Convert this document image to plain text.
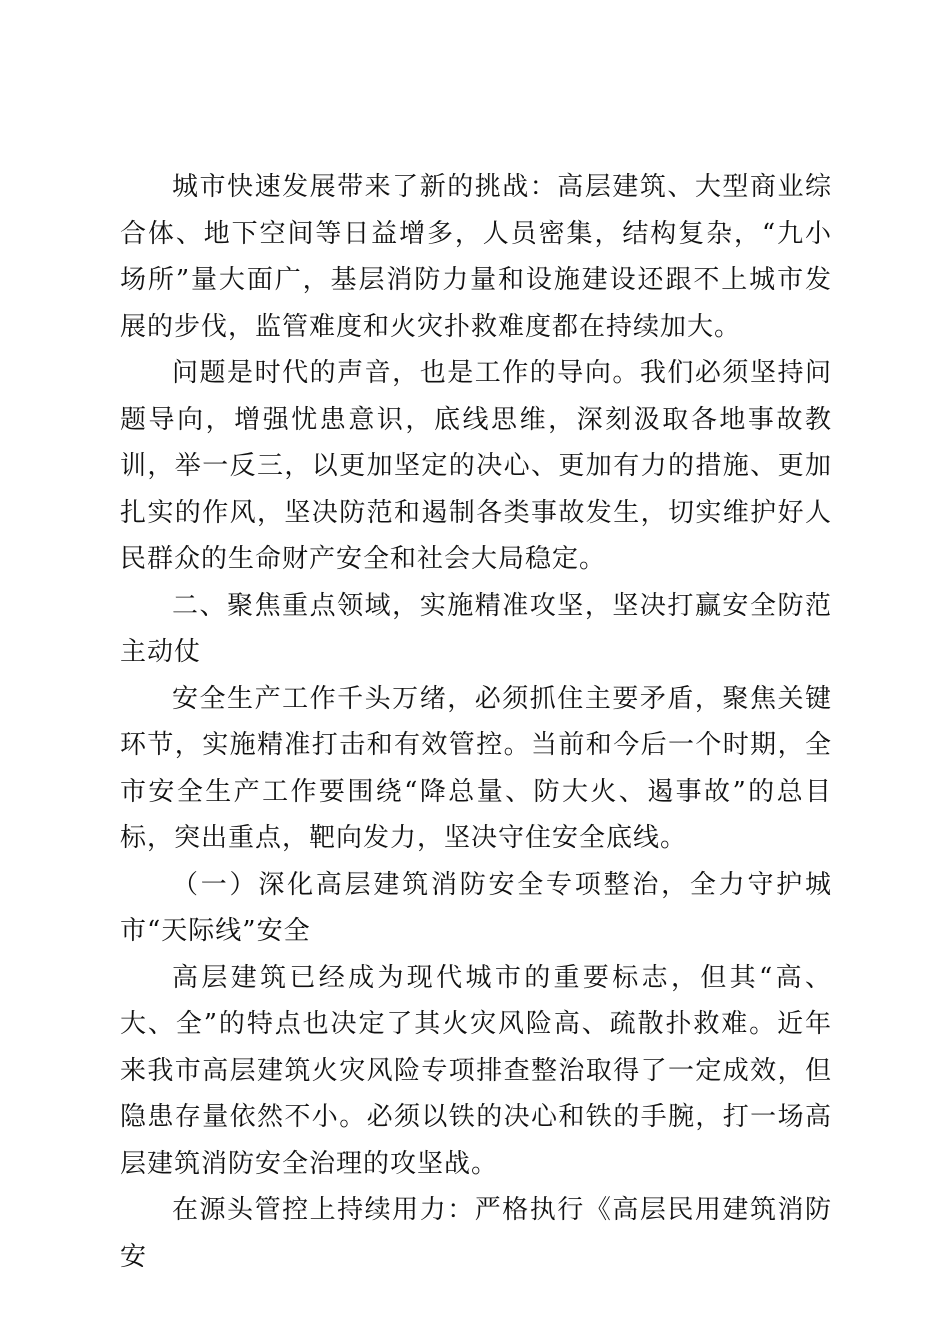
城市快速发展带来了新的挑战：高层建筑、大型商业综合体、地下空间等日益增多，人员密集，结构复杂，“九小场所”量大面广，基层消防力量和设施建设还跟不上城市发展的步伐，监管难度和火灾扑救难度都在持续加大。

问题是时代的声音，也是工作的导向。我们必须坚持问题导向，增强忧患意识，底线思维，深刻汲取各地事故教训，举一反三，以更加坚定的决心、更加有力的措施、更加扎实的作风，坚决防范和遏制各类事故发生，切实维护好人民群众的生命财产安全和社会大局稳定。

二、聚焦重点领域，实施精准攻坚，坚决打赢安全防范主动仗

安全生产工作千头万绪，必须抓住主要矛盾，聚焦关键环节，实施精准打击和有效管控。当前和今后一个时期，全市安全生产工作要围绕“降总量、防大火、遏事故”的总目标，突出重点，靶向发力，坚决守住安全底线。

（一）深化高层建筑消防安全专项整治，全力守护城市“天际线”安全

高层建筑已经成为现代城市的重要标志，但其“高、大、全”的特点也决定了其火灾风险高、疏散扑救难。近年来我市高层建筑火灾风险专项排查整治取得了一定成效，但隐患存量依然不小。必须以铁的决心和铁的手腕，打一场高层建筑消防安全治理的攻坚战。

在源头管控上持续用力：严格执行《高层民用建筑消防安
